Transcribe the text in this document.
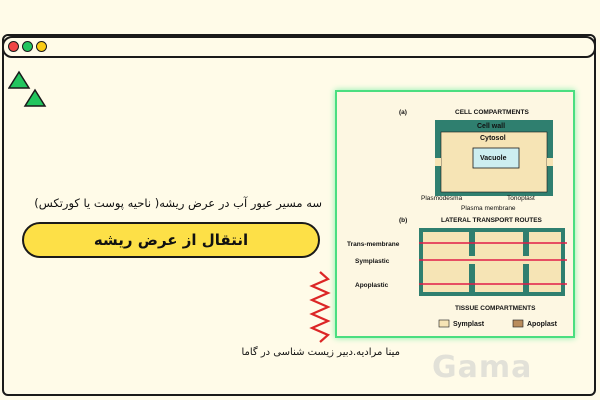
سه مسیر عبور آب در عرض ریشه( ناحیه پوست یا کورتکس)
انتقال از عرض ریشه
مینا مرادیه.دبیر زیست شناسی در گاما
(a)	CELL COMPARTMENTS
Cell wall
Cytosol
Vacuole
Plasmodesma	Tonoplast
Plasma membrane
(b)	LATERAL TRANSPORT ROUTES
Trans-membrane
Symplastic
Apoplastic
TISSUE COMPARTMENTS
Symplast	Apoplast
Gama
